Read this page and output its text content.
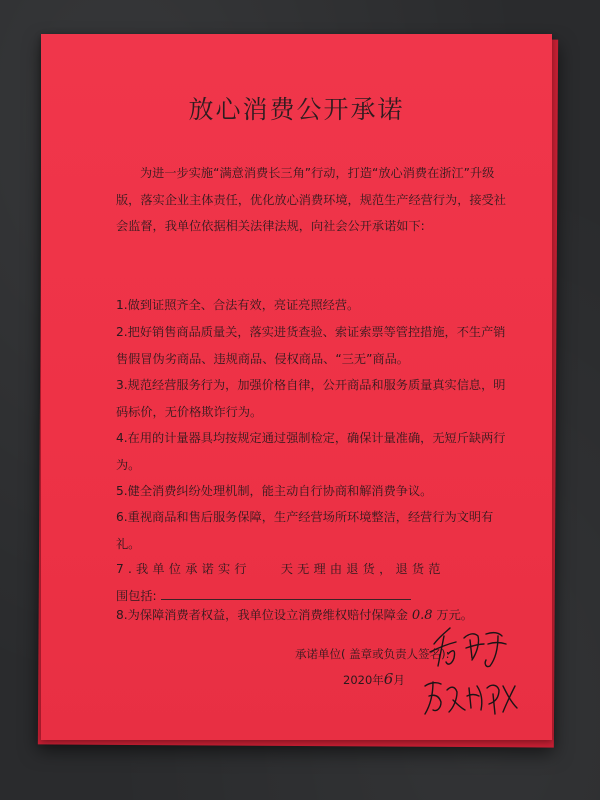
放心消费公开承诺
为进一步实施“满意消费长三角”行动，打造“放心消费在浙江”升级版，落实企业主体责任，优化放心消费环境，规范生产经营行为，接受社会监督，我单位依据相关法律法规，向社会公开承诺如下:
1.做到证照齐全、合法有效，亮证亮照经营。
2.把好销售商品质量关，落实进货查验、索证索票等管控措施，不生产销售假冒伪劣商品、违规商品、侵权商品、“三无”商品。
3.规范经营服务行为，加强价格自律，公开商品和服务质量真实信息，明码标价，无价格欺诈行为。
4.在用的计量器具均按规定通过强制检定，确保计量准确，无短斤缺两行为。
5.健全消费纠纷处理机制，能主动自行协商和解消费争议。
6.重视商品和售后服务保障，生产经营场所环境整洁，经营行为文明有礼。
7.我单位承诺实行 天无理由退货，退货范
围包括:
8.为保障消费者权益，我单位设立消费维权赔付保障金 0.8 万元。
承诺单位( 盖章或负责人签名):
2020年6月
